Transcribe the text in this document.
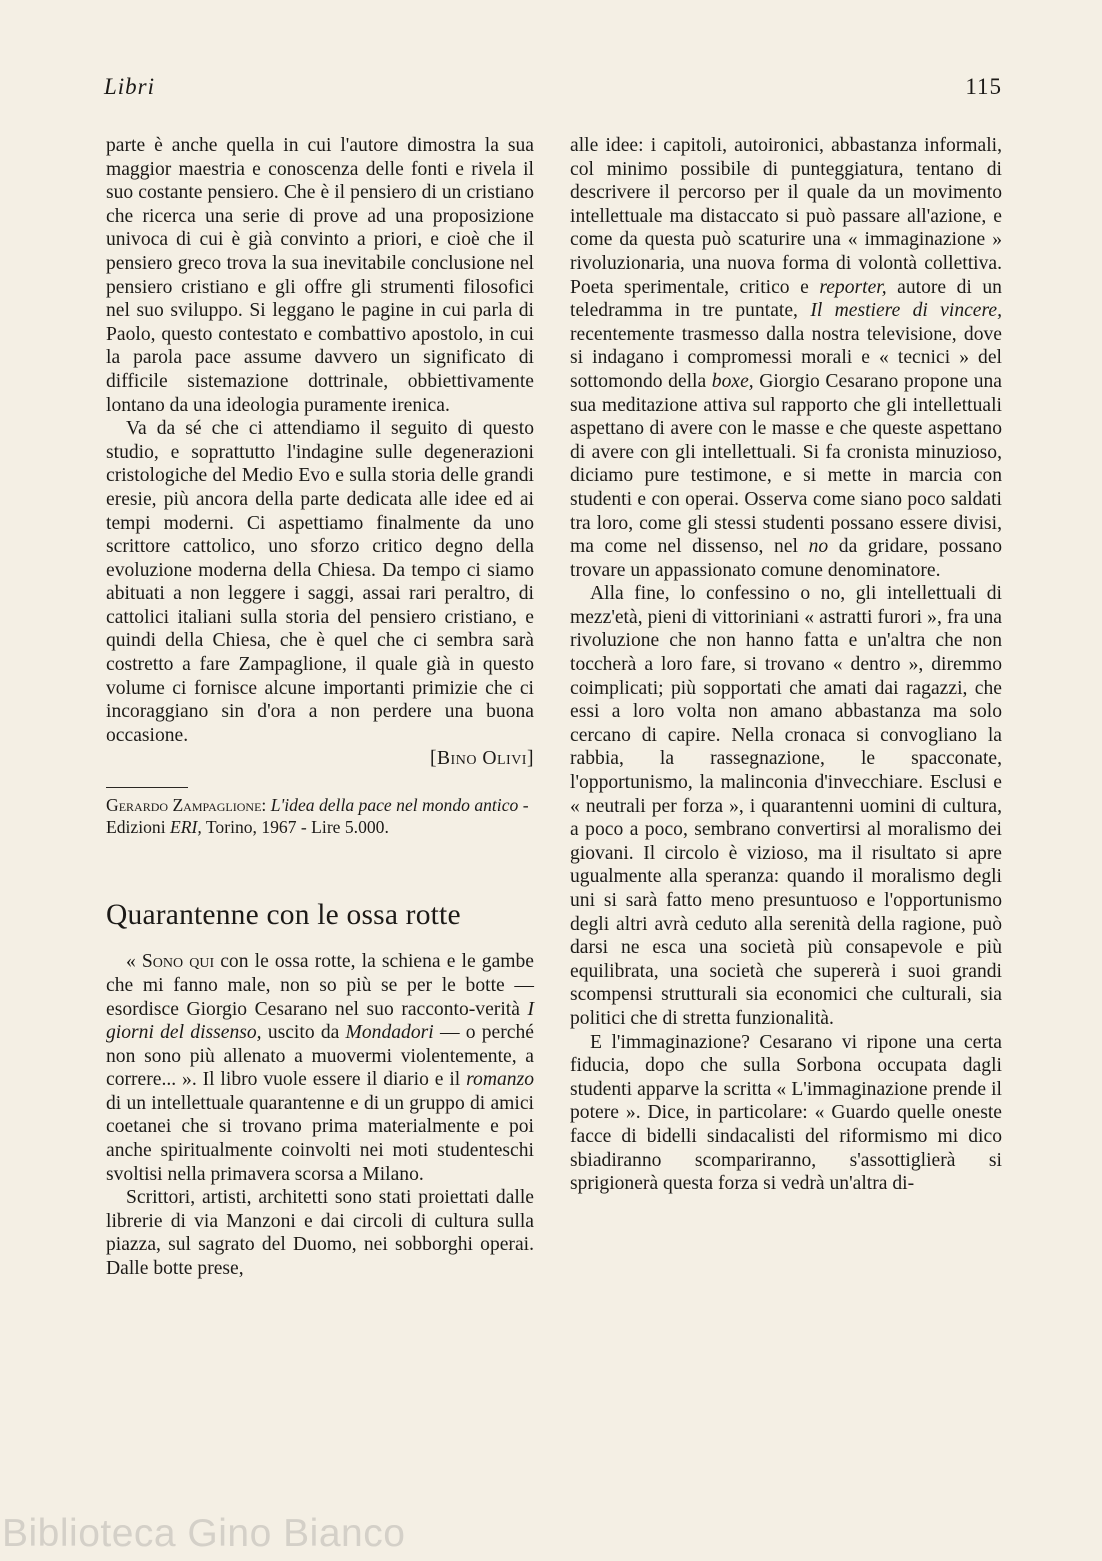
Libri	115

parte è anche quella in cui l'autore dimostra la sua maggior maestria e conoscenza delle fonti e rivela il suo costante pensiero. Che è il pensiero di un cristiano che ricerca una serie di prove ad una proposizione univoca di cui è già convinto a priori, e cioè che il pensiero greco trova la sua inevitabile conclusione nel pensiero cristiano e gli offre gli strumenti filosofici nel suo sviluppo. Si leggano le pagine in cui parla di Paolo, questo contestato e combattivo apostolo, in cui la parola pace assume davvero un significato di difficile sistemazione dottrinale, obbiettivamente lontano da una ideologia puramente irenica.

Va da sé che ci attendiamo il seguito di questo studio, e soprattutto l'indagine sulle degenerazioni cristologiche del Medio Evo e sulla storia delle grandi eresie, più ancora della parte dedicata alle idee ed ai tempi moderni. Ci aspettiamo finalmente da uno scrittore cattolico, uno sforzo critico degno della evoluzione moderna della Chiesa. Da tempo ci siamo abituati a non leggere i saggi, assai rari peraltro, di cattolici italiani sulla storia del pensiero cristiano, e quindi della Chiesa, che è quel che ci sembra sarà costretto a fare Zampaglione, il quale già in questo volume ci fornisce alcune importanti primizie che ci incoraggiano sin d'ora a non perdere una buona occasione.

[Bino Olivi]

Gerardo Zampaglione: L'idea della pace nel mondo antico - Edizioni ERI, Torino, 1967 - Lire 5.000.

Quarantenne con le ossa rotte

« Sono qui con le ossa rotte, la schiena e le gambe che mi fanno male, non so più se per le botte — esordisce Giorgio Cesarano nel suo racconto-verità I giorni del dissenso, uscito da Mondadori — o perché non sono più allenato a muovermi violentemente, a correre... ». Il libro vuole essere il diario e il romanzo di un intellettuale quarantenne e di un gruppo di amici coetanei che si trovano prima materialmente e poi anche spiritualmente coinvolti nei moti studenteschi svoltisi nella primavera scorsa a Milano.

Scrittori, artisti, architetti sono stati proiettati dalle librerie di via Manzoni e dai circoli di cultura sulla piazza, sul sagrato del Duomo, nei sobborghi operai. Dalle botte prese,

alle idee: i capitoli, autoironici, abbastanza informali, col minimo possibile di punteggiatura, tentano di descrivere il percorso per il quale da un movimento intellettuale ma distaccato si può passare all'azione, e come da questa può scaturire una « immaginazione » rivoluzionaria, una nuova forma di volontà collettiva. Poeta sperimentale, critico e reporter, autore di un teledramma in tre puntate, Il mestiere di vincere, recentemente trasmesso dalla nostra televisione, dove si indagano i compromessi morali e « tecnici » del sottomondo della boxe, Giorgio Cesarano propone una sua meditazione attiva sul rapporto che gli intellettuali aspettano di avere con le masse e che queste aspettano di avere con gli intellettuali. Si fa cronista minuzioso, diciamo pure testimone, e si mette in marcia con studenti e con operai. Osserva come siano poco saldati tra loro, come gli stessi studenti possano essere divisi, ma come nel dissenso, nel no da gridare, possano trovare un appassionato comune denominatore.

Alla fine, lo confessino o no, gli intellettuali di mezz'età, pieni di vittoriniani « astratti furori », fra una rivoluzione che non hanno fatta e un'altra che non toccherà a loro fare, si trovano « dentro », diremmo coimplicati; più sopportati che amati dai ragazzi, che essi a loro volta non amano abbastanza ma solo cercano di capire. Nella cronaca si convogliano la rabbia, la rassegnazione, le spacconate, l'opportunismo, la malinconia d'invecchiare. Esclusi e « neutrali per forza », i quarantenni uomini di cultura, a poco a poco, sembrano convertirsi al moralismo dei giovani. Il circolo è vizioso, ma il risultato si apre ugualmente alla speranza: quando il moralismo degli uni si sarà fatto meno presuntuoso e l'opportunismo degli altri avrà ceduto alla serenità della ragione, può darsi ne esca una società più consapevole e più equilibrata, una società che supererà i suoi grandi scompensi strutturali sia economici che culturali, sia politici che di stretta funzionalità.

E l'immaginazione? Cesarano vi ripone una certa fiducia, dopo che sulla Sorbona occupata dagli studenti apparve la scritta « L'immaginazione prende il potere ». Dice, in particolare: « Guardo quelle oneste facce di bidelli sindacalisti del riformismo mi dico sbiadiranno scompariranno, s'assottiglierà si sprigionerà questa forza si vedrà un'altra di-

Biblioteca Gino Bianco
